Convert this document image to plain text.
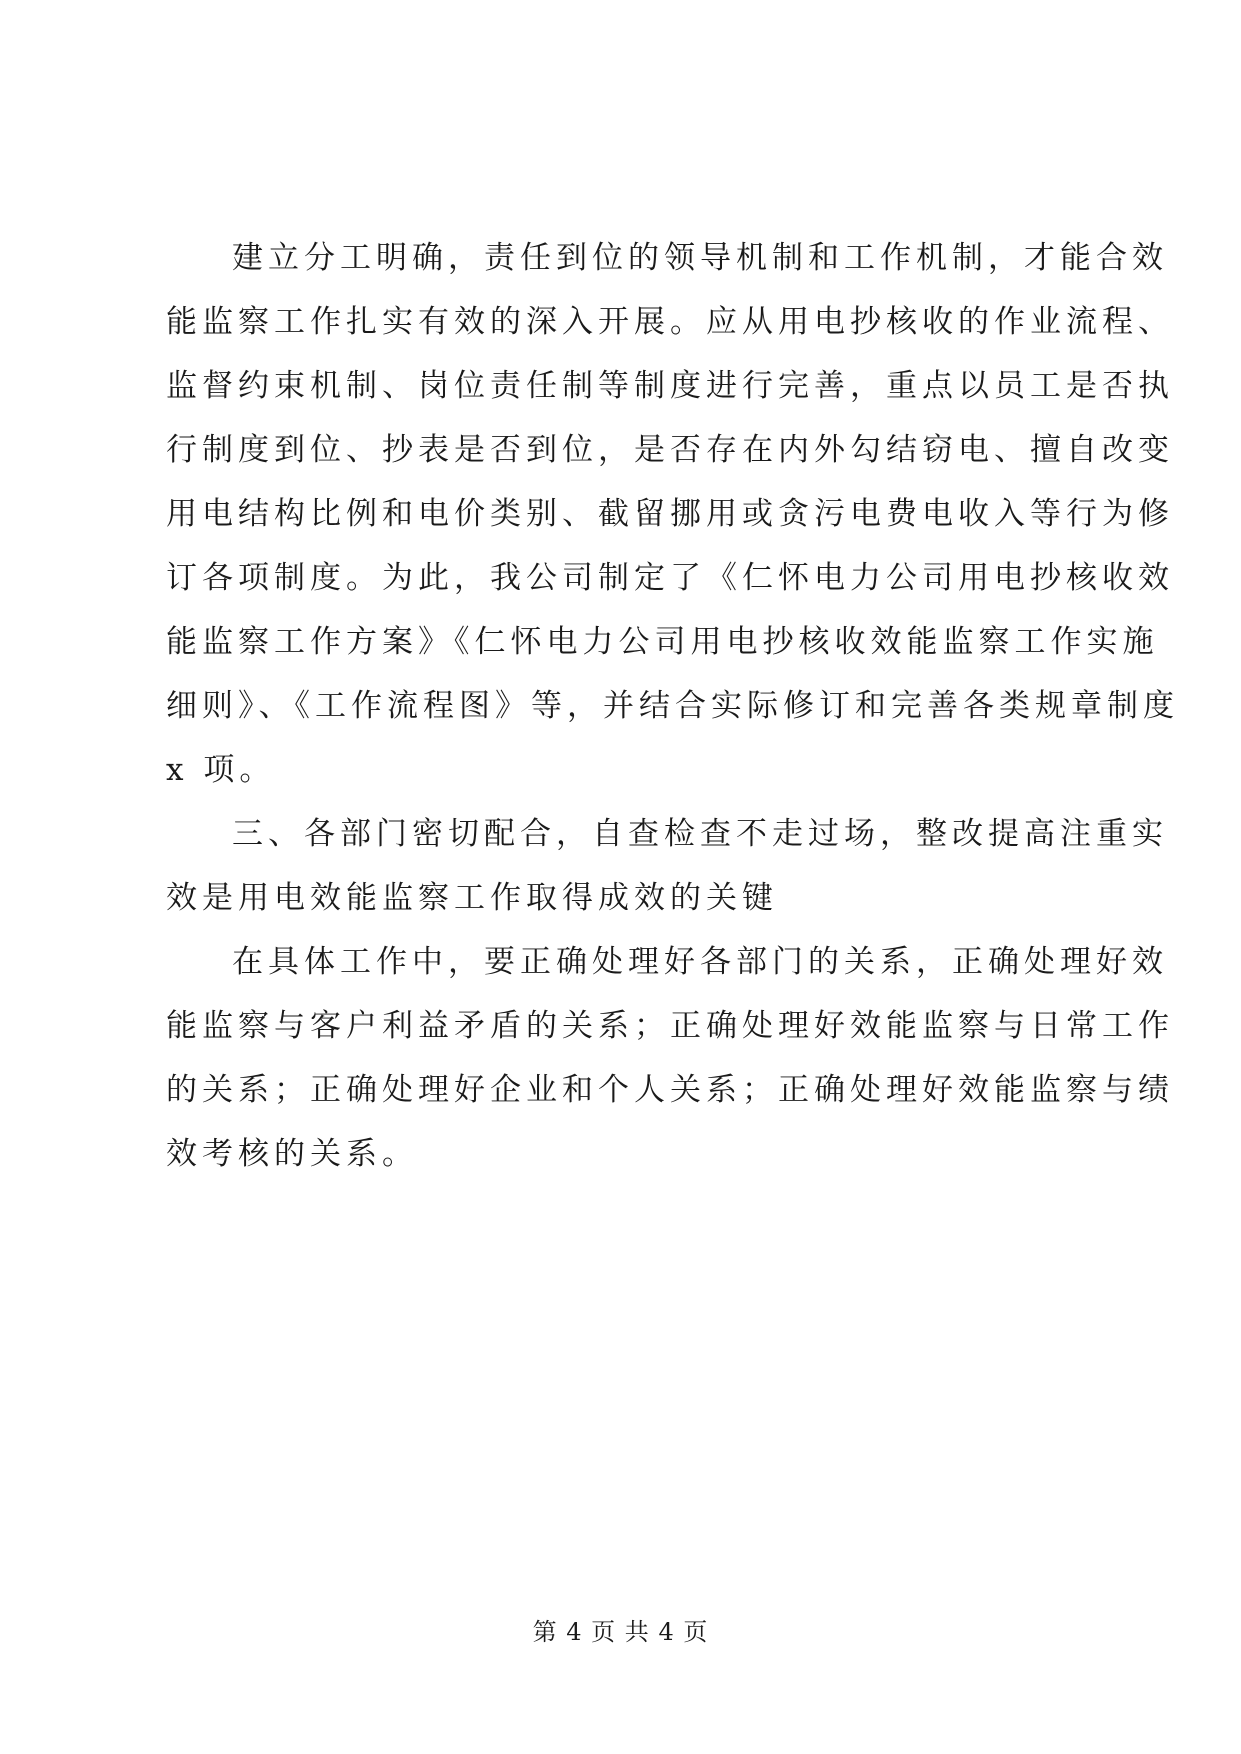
建立分工明确，责任到位的领导机制和工作机制，才能合效
能监察工作扎实有效的深入开展。应从用电抄核收的作业流程、
监督约束机制、岗位责任制等制度进行完善，重点以员工是否执
行制度到位、抄表是否到位，是否存在内外勾结窃电、擅自改变
用电结构比例和电价类别、截留挪用或贪污电费电收入等行为修
订各项制度。为此，我公司制定了《仁怀电力公司用电抄核收效
能监察工作方案》《仁怀电力公司用电抄核收效能监察工作实施
细则》、《工作流程图》等，并结合实际修订和完善各类规章制度
x 项。
三、各部门密切配合，自查检查不走过场，整改提高注重实
效是用电效能监察工作取得成效的关键
在具体工作中，要正确处理好各部门的关系，正确处理好效
能监察与客户利益矛盾的关系；正确处理好效能监察与日常工作
的关系；正确处理好企业和个人关系；正确处理好效能监察与绩
效考核的关系。
第 4 页 共 4 页
